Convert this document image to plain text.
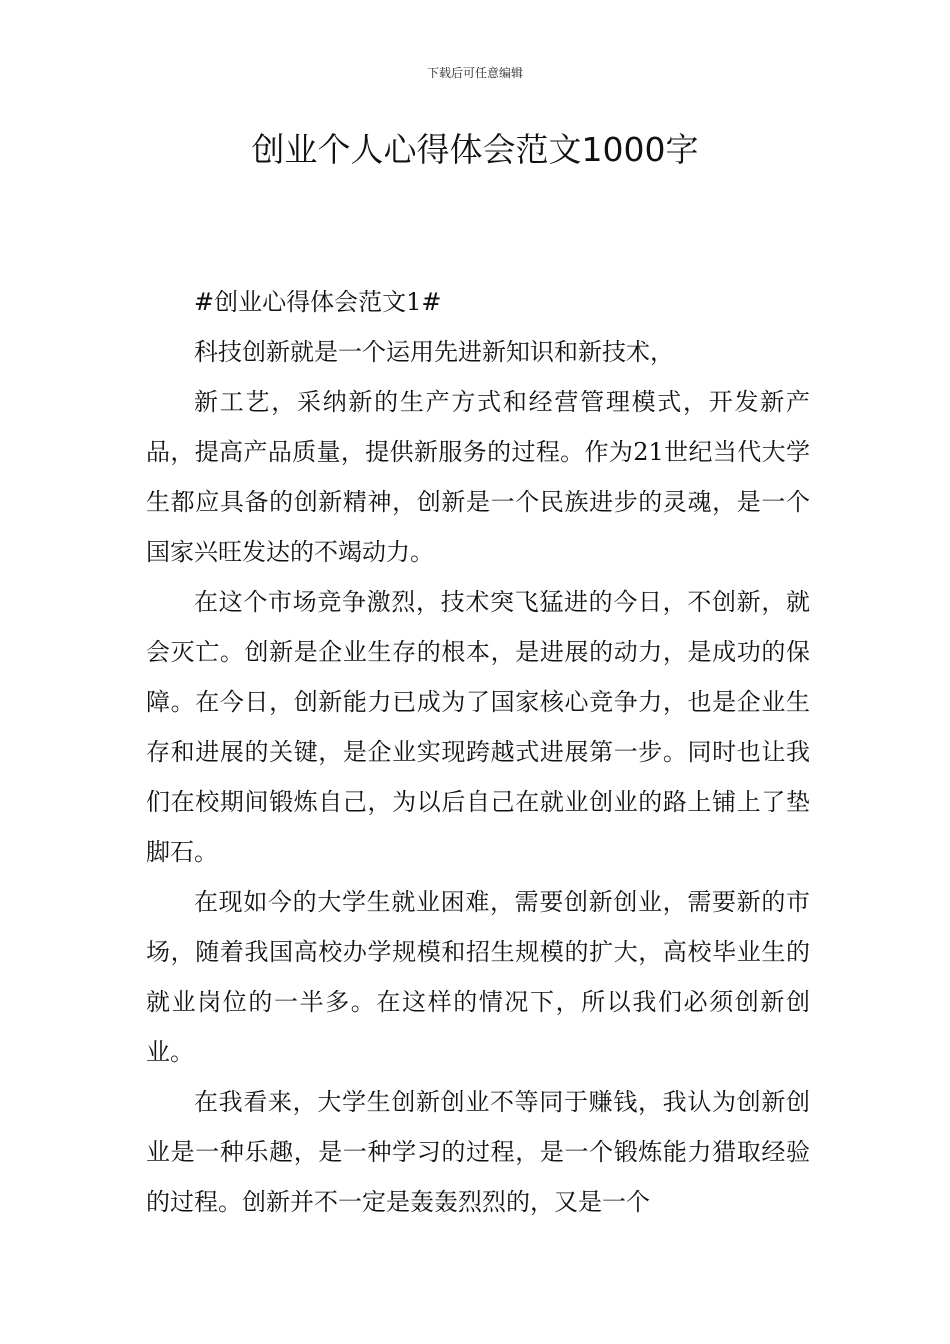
下载后可任意编辑
创业个人心得体会范文1000字

#创业心得体会范文1#

科技创新就是一个运用先进新知识和新技术，

新工艺，采纳新的生产方式和经营管理模式，开发新产品，提高产品质量，提供新服务的过程。作为21世纪当代大学生都应具备的创新精神，创新是一个民族进步的灵魂，是一个国家兴旺发达的不竭动力。

在这个市场竞争激烈，技术突飞猛进的今日，不创新，就会灭亡。创新是企业生存的根本，是进展的动力，是成功的保障。在今日，创新能力已成为了国家核心竞争力，也是企业生存和进展的关键，是企业实现跨越式进展第一步。同时也让我们在校期间锻炼自己，为以后自己在就业创业的路上铺上了垫脚石。

在现如今的大学生就业困难，需要创新创业，需要新的市场，随着我国高校办学规模和招生规模的扩大，高校毕业生的就业岗位的一半多。在这样的情况下，所以我们必须创新创业。

在我看来，大学生创新创业不等同于赚钱，我认为创新创业是一种乐趣，是一种学习的过程，是一个锻炼能力猎取经验的过程。创新并不一定是轰轰烈烈的，又是一个
